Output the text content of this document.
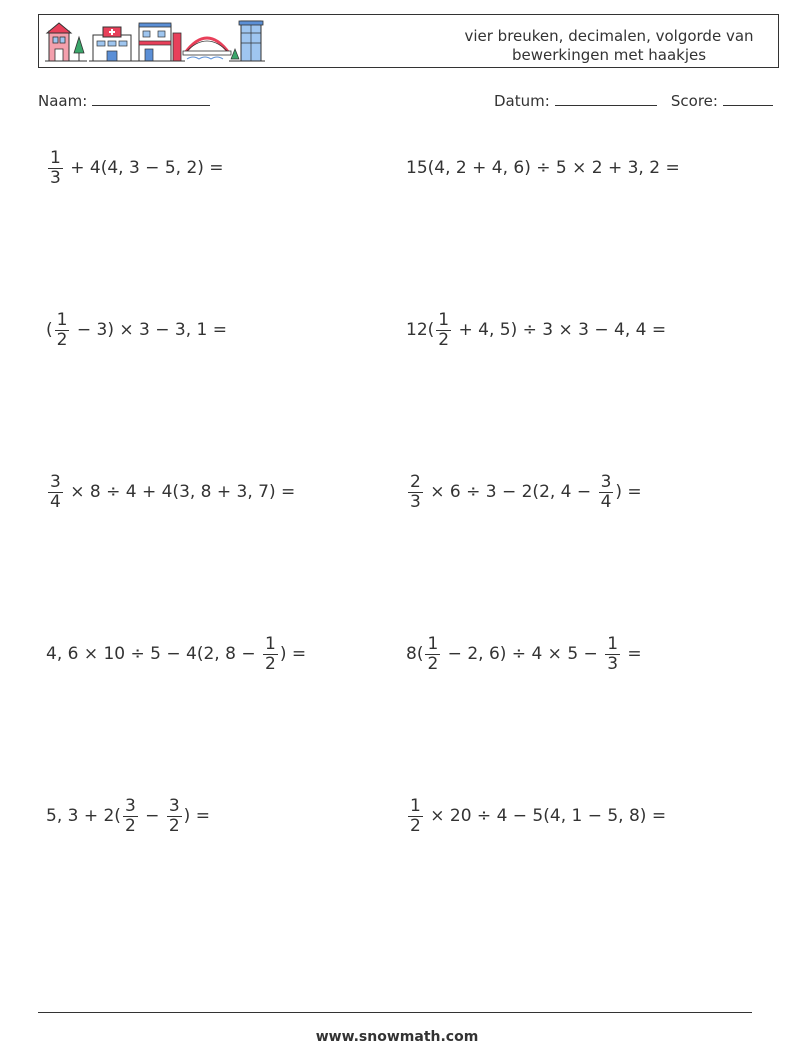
vier breuken, decimalen, volgorde van
bewerkingen met haakjes
Naam:	Datum:	Score:
$\frac{1}{3} + 4(4$, 3 − 5, 2) =	15(4, 2 + 4, 6) ÷ 5 × 2 + 3, 2 =
( $\frac{1}{2} - 3) \times 3 - 3$, 1 =	$12( \frac{1}{2} + 4$, 5) ÷ 3 × 3 − 4, 4 =
$\frac{3}{4} \times 8 \div 4 + 4(3$, 8 + 3, 7) =	$\frac{2}{3} \times 6 \div 3 - 2(2$, $4 - \frac{3}{4}$ ) =
4, 6 × 10 ÷ 5 − 4(2, $8 - \frac{1}{2}$ ) =	$8( \frac{1}{2} - 2$, $6) \div 4 \times 5 - \frac{1}{3}$ =
5, $3 + 2( \frac{3}{2} - \frac{3}{2}$ ) =	$\frac{1}{2} \times 20 \div 4 - 5(4$, 1 − 5, 8) =
www.snowmath.com
